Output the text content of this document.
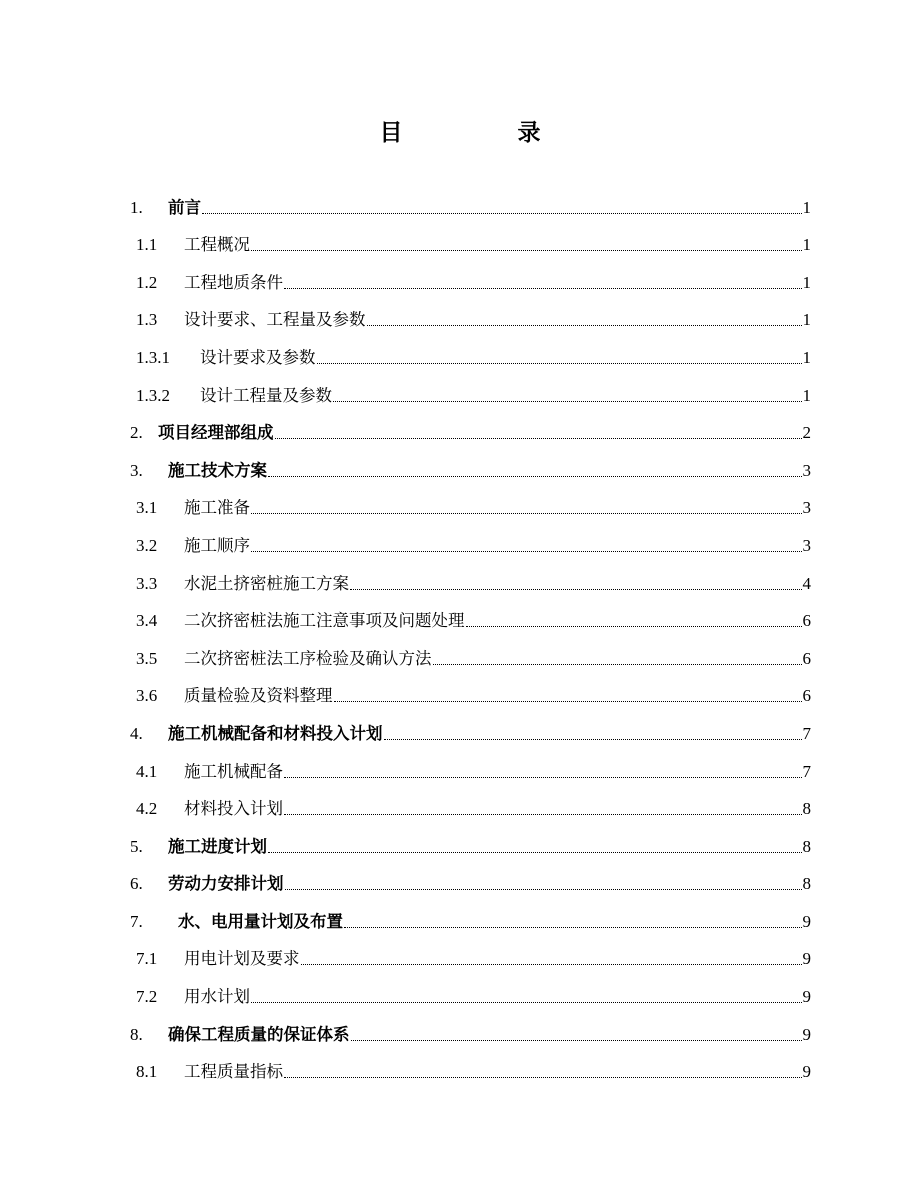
目　录
1.	前言	1
1.1	工程概况	1
1.2	工程地质条件	1
1.3	设计要求、工程量及参数	1
1.3.1	设计要求及参数	1
1.3.2	设计工程量及参数	1
2. 项目经理部组成	2
3.	施工技术方案	3
3.1	施工准备	3
3.2	施工顺序	3
3.3	水泥土挤密桩施工方案	4
3.4	二次挤密桩法施工注意事项及问题处理	6
3.5	二次挤密桩法工序检验及确认方法	6
3.6	质量检验及资料整理	6
4.	施工机械配备和材料投入计划	7
4.1	施工机械配备	7
4.2	材料投入计划	8
5.	施工进度计划	8
6.	劳动力安排计划	8
7.	水、电用量计划及布置	9
7.1	用电计划及要求	9
7.2	用水计划	9
8.	确保工程质量的保证体系	9
8.1	工程质量指标	9
